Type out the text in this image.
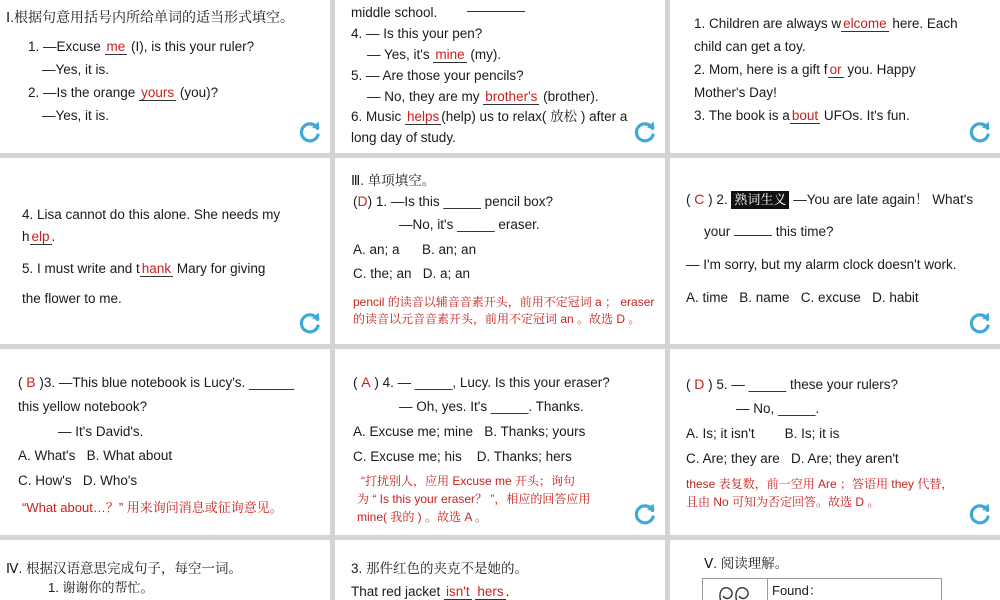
Ⅰ.根据句意用括号内所给单词的适当形式填空。
1. —Excuse me (I), is this your ruler?
—Yes, it is.
2. —Is the orange yours (you)?
—Yes, it is.
middle school.
4. — Is this your pen?
— Yes, it's mine (my).
5. — Are those your pencils?
— No, they are my brother's (brother).
6. Music helps (help) us to relax( 放松 ) after a
long day of study.
1. Children are always w elcome here. Each
child can get a toy.
2. Mom, here is a gift f or you. Happy
Mother's Day!
3. The book is a bout UFOs. It's fun.
4. Lisa cannot do this alone. She needs my
h elp .
5. I must write and t hank Mary for giving
the flower to me.
Ⅲ. 单项填空。
(D) 1. —Is this _____ pencil box?
—No, it's _____ eraser.
A. an; a      B. an; an
C. the; an   D. a; an
pencil 的读音以辅音音素开头，前用不定冠词 a ； eraser
的读音以元音音素开头，前用不定冠词 an 。故选 D 。
( C ) 2. 熟词生义 —You are late again！ What's
your	this time?
— I'm sorry, but my alarm clock doesn't work.
A. time   B. name   C. excuse   D. habit
( B )3. —This blue notebook is Lucy's. ______
this yellow notebook?
— It's David's.
A. What's   B. What about
C. How's   D. Who's
“What about…？” 用来询问消息或征询意见。
( A ) 4. — _____, Lucy. Is this your eraser?
— Oh, yes. It's _____. Thanks.
A. Excuse me; mine   B. Thanks; yours
C. Excuse me; his    D. Thanks; hers
“打扰别人，应用 Excuse me 开头；询句
为 “ Is this your eraser？ ”，相应的回答应用
mine( 我的 ) 。故选 A 。
( D ) 5. — _____ these your rulers?
— No, _____.
A. Is; it isn't        B. Is; it is
C. Are; they are   D. Are; they aren't
these 表复数，前一空用 Are ；答语用 they 代替，
且由 No 可知为否定回答。故选 D 。
Ⅳ. 根据汉语意思完成句子，每空一词。
1. 谢谢你的帮忙。
3. 那件红色的夹克不是她的。
That red jacket isn't hers .
Ⅴ. 阅读理解。
	Found：
